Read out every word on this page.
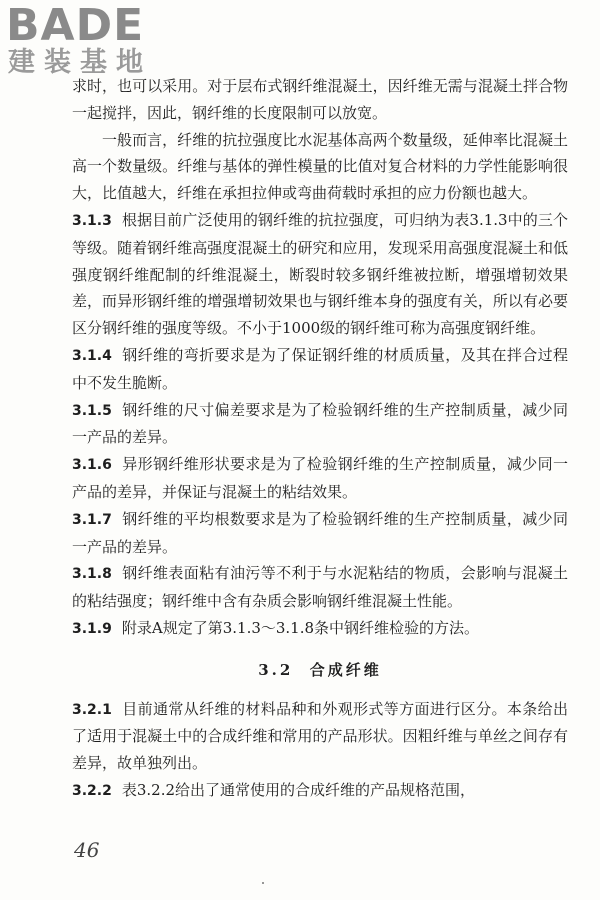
BADE
建装基地

求时，也可以采用。对于层布式钢纤维混凝土，因纤维无需与混凝土拌合物一起搅拌，因此，钢纤维的长度限制可以放宽。

一般而言，纤维的抗拉强度比水泥基体高两个数量级，延伸率比混凝土高一个数量级。纤维与基体的弹性模量的比值对复合材料的力学性能影响很大，比值越大，纤维在承担拉伸或弯曲荷载时承担的应力份额也越大。

3.1.3 根据目前广泛使用的钢纤维的抗拉强度，可归纳为表3.1.3中的三个等级。随着钢纤维高强度混凝土的研究和应用，发现采用高强度混凝土和低强度钢纤维配制的纤维混凝土，断裂时较多钢纤维被拉断，增强增韧效果差，而异形钢纤维的增强增韧效果也与钢纤维本身的强度有关，所以有必要区分钢纤维的强度等级。不小于1000级的钢纤维可称为高强度钢纤维。

3.1.4 钢纤维的弯折要求是为了保证钢纤维的材质质量，及其在拌合过程中不发生脆断。

3.1.5 钢纤维的尺寸偏差要求是为了检验钢纤维的生产控制质量，减少同一产品的差异。

3.1.6 异形钢纤维形状要求是为了检验钢纤维的生产控制质量，减少同一产品的差异，并保证与混凝土的粘结效果。

3.1.7 钢纤维的平均根数要求是为了检验钢纤维的生产控制质量，减少同一产品的差异。

3.1.8 钢纤维表面粘有油污等不利于与水泥粘结的物质，会影响与混凝土的粘结强度；钢纤维中含有杂质会影响钢纤维混凝土性能。

3.1.9 附录A规定了第3.1.3～3.1.8条中钢纤维检验的方法。

3.2 合成纤维

3.2.1 目前通常从纤维的材料品种和外观形式等方面进行区分。本条给出了适用于混凝土中的合成纤维和常用的产品形状。因粗纤维与单丝之间存有差异，故单独列出。

3.2.2 表3.2.2给出了通常使用的合成纤维的产品规格范围，

46
